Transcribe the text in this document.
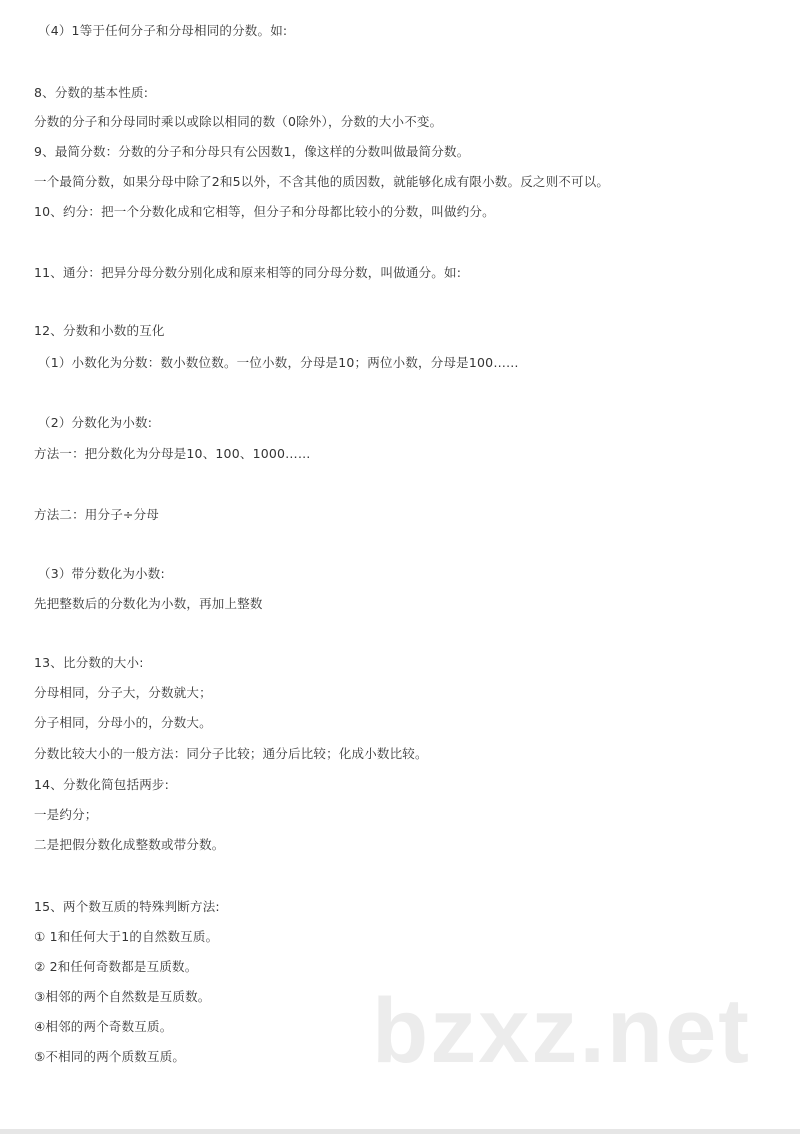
（4）1等于任何分子和分母相同的分数。如:
8、分数的基本性质:
分数的分子和分母同时乘以或除以相同的数（0除外），分数的大小不变。
9、最简分数：分数的分子和分母只有公因数1，像这样的分数叫做最简分数。
一个最简分数，如果分母中除了2和5以外，不含其他的质因数，就能够化成有限小数。反之则不可以。
10、约分：把一个分数化成和它相等，但分子和分母都比较小的分数，叫做约分。
11、通分：把异分母分数分别化成和原来相等的同分母分数，叫做通分。如:
12、分数和小数的互化
（1）小数化为分数：数小数位数。一位小数，分母是10；两位小数，分母是100……
（2）分数化为小数:
方法一：把分数化为分母是10、100、1000……
方法二：用分子÷分母
（3）带分数化为小数:
先把整数后的分数化为小数，再加上整数
13、比分数的大小:
分母相同，分子大，分数就大；
分子相同，分母小的，分数大。
分数比较大小的一般方法：同分子比较；通分后比较；化成小数比较。
14、分数化简包括两步:
一是约分；
二是把假分数化成整数或带分数。
15、两个数互质的特殊判断方法:
① 1和任何大于1的自然数互质。
② 2和任何奇数都是互质数。
③相邻的两个自然数是互质数。
④相邻的两个奇数互质。
⑤不相同的两个质数互质。 bzxz.net
